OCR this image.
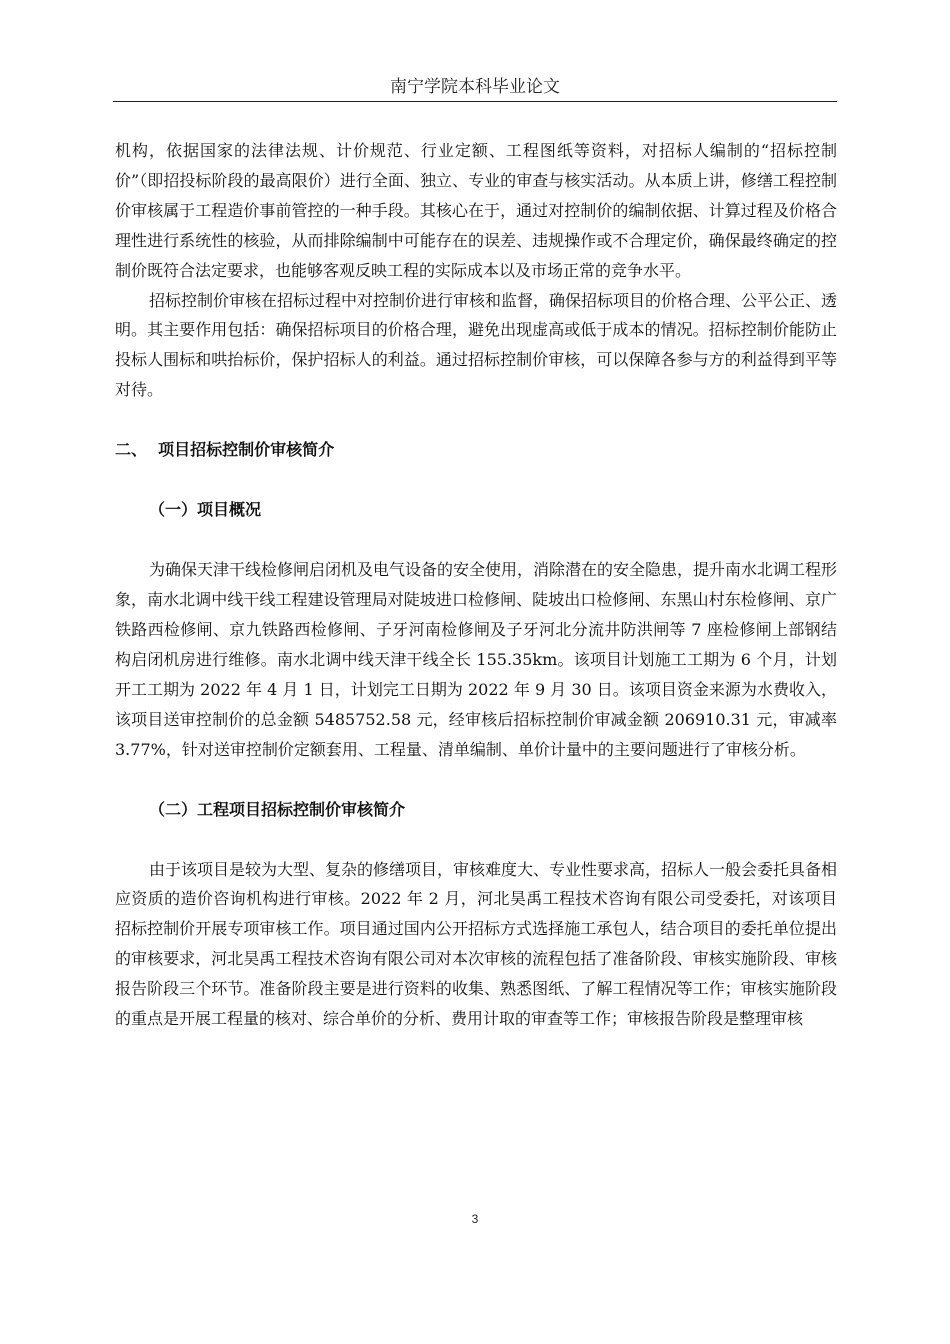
南宁学院本科毕业论文

机构，依据国家的法律法规、计价规范、行业定额、工程图纸等资料，对招标人编制的“招标控制价”（即招投标阶段的最高限价）进行全面、独立、专业的审查与核实活动。从本质上讲，修缮工程控制价审核属于工程造价事前管控的一种手段。其核心在于，通过对控制价的编制依据、计算过程及价格合理性进行系统性的核验，从而排除编制中可能存在的误差、违规操作或不合理定价，确保最终确定的控制价既符合法定要求，也能够客观反映工程的实际成本以及市场正常的竞争水平。

招标控制价审核在招标过程中对控制价进行审核和监督，确保招标项目的价格合理、公平公正、透明。其主要作用包括：确保招标项目的价格合理，避免出现虚高或低于成本的情况。招标控制价能防止投标人围标和哄抬标价，保护招标人的利益。通过招标控制价审核，可以保障各参与方的利益得到平等对待。

二、  项目招标控制价审核简介

（一）项目概况

为确保天津干线检修闸启闭机及电气设备的安全使用，消除潜在的安全隐患，提升南水北调工程形象，南水北调中线干线工程建设管理局对陡坡进口检修闸、陡坡出口检修闸、东黑山村东检修闸、京广铁路西检修闸、京九铁路西检修闸、子牙河南检修闸及子牙河北分流井防洪闸等 7 座检修闸上部钢结构启闭机房进行维修。南水北调中线天津干线全长 155.35km。该项目计划施工工期为 6 个月，计划开工工期为 2022 年 4 月 1 日，计划完工日期为 2022 年 9 月 30 日。该项目资金来源为水费收入，该项目送审控制价的总金额 5485752.58 元，经审核后招标控制价审减金额 206910.31 元，审减率 3.77%，针对送审控制价定额套用、工程量、清单编制、单价计量中的主要问题进行了审核分析。

（二）工程项目招标控制价审核简介

由于该项目是较为大型、复杂的修缮项目，审核难度大、专业性要求高，招标人一般会委托具备相应资质的造价咨询机构进行审核。2022 年 2 月，河北昊禹工程技术咨询有限公司受委托，对该项目招标控制价开展专项审核工作。项目通过国内公开招标方式选择施工承包人，结合项目的委托单位提出的审核要求，河北昊禹工程技术咨询有限公司对本次审核的流程包括了准备阶段、审核实施阶段、审核报告阶段三个环节。准备阶段主要是进行资料的收集、熟悉图纸、了解工程情况等工作；审核实施阶段的重点是开展工程量的核对、综合单价的分析、费用计取的审查等工作；审核报告阶段是整理审核

3
